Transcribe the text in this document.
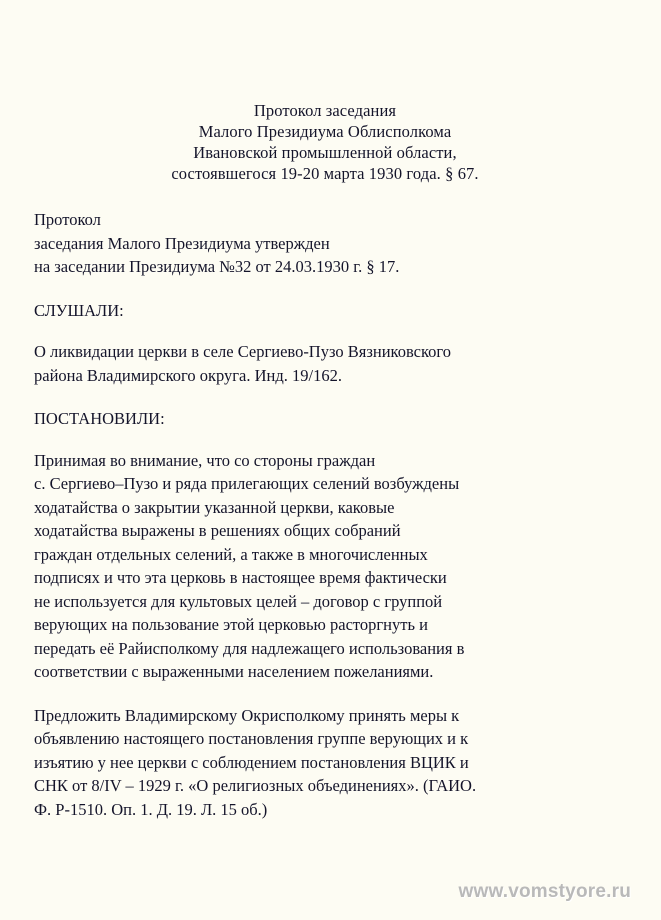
Протокол заседания
Малого Президиума Облисполкома
Ивановской промышленной области,
состоявшегося 19-20 марта 1930 года. § 67.
Протокол
заседания Малого Президиума утвержден
на заседании Президиума №32 от 24.03.1930 г. § 17.
СЛУШАЛИ:
О ликвидации церкви в селе Сергиево-Пузо Вязниковского
района Владимирского округа. Инд. 19/162.
ПОСТАНОВИЛИ:
Принимая во внимание, что со стороны граждан
с. Сергиево–Пузо и ряда прилегающих селений возбуждены
ходатайства о закрытии указанной церкви, каковые
ходатайства выражены в решениях общих собраний
граждан отдельных селений, а также в многочисленных
подписях и что эта церковь в настоящее время фактически
не используется для культовых целей – договор с группой
верующих на пользование этой церковью расторгнуть и
передать её Райисполкому для надлежащего использования в
соответствии с выраженными населением пожеланиями.
Предложить Владимирскому Окрисполкому принять меры к
объявлению настоящего постановления группе верующих и к
изъятию у нее церкви с соблюдением постановления ВЦИК и
СНК от 8/IV – 1929 г. «О религиозных объединениях». (ГАИО.
Ф. Р-1510. Оп. 1. Д. 19. Л. 15 об.)
www.vomstyore.ru
